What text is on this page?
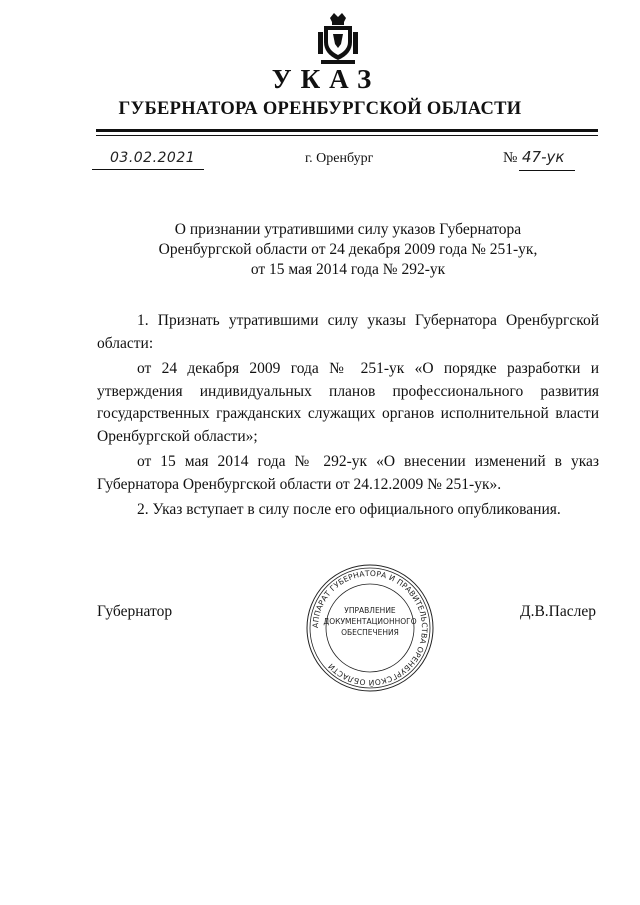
УКАЗ
ГУБЕРНАТОРА ОРЕНБУРГСКОЙ ОБЛАСТИ
03.02.2021	г. Оренбург	№ 47-ук
О признании утратившими силу указов Губернатора
Оренбургской области от 24 декабря 2009 года № 251-ук,
от 15 мая 2014 года № 292-ук

1. Признать утратившими силу указы Губернатора Оренбургской области:

от 24 декабря 2009 года № 251-ук «О порядке разработки и утверждения индивидуальных планов профессионального развития государственных гражданских служащих органов исполнительной власти Оренбургской области»;

от 15 мая 2014 года № 292-ук «О внесении изменений в указ Губернатора Оренбургской области от 24.12.2009 № 251-ук».

2. Указ вступает в силу после его официального опубликования.

Губернатор	Д.В.Паслер
АППАРАТ ГУБЕРНАТОРА И ПРАВИТЕЛЬСТВА ОРЕНБУРГСКОЙ ОБЛАСТИ
УПРАВЛЕНИЕ
ДОКУМЕНТАЦИОННОГО
ОБЕСПЕЧЕНИЯ
